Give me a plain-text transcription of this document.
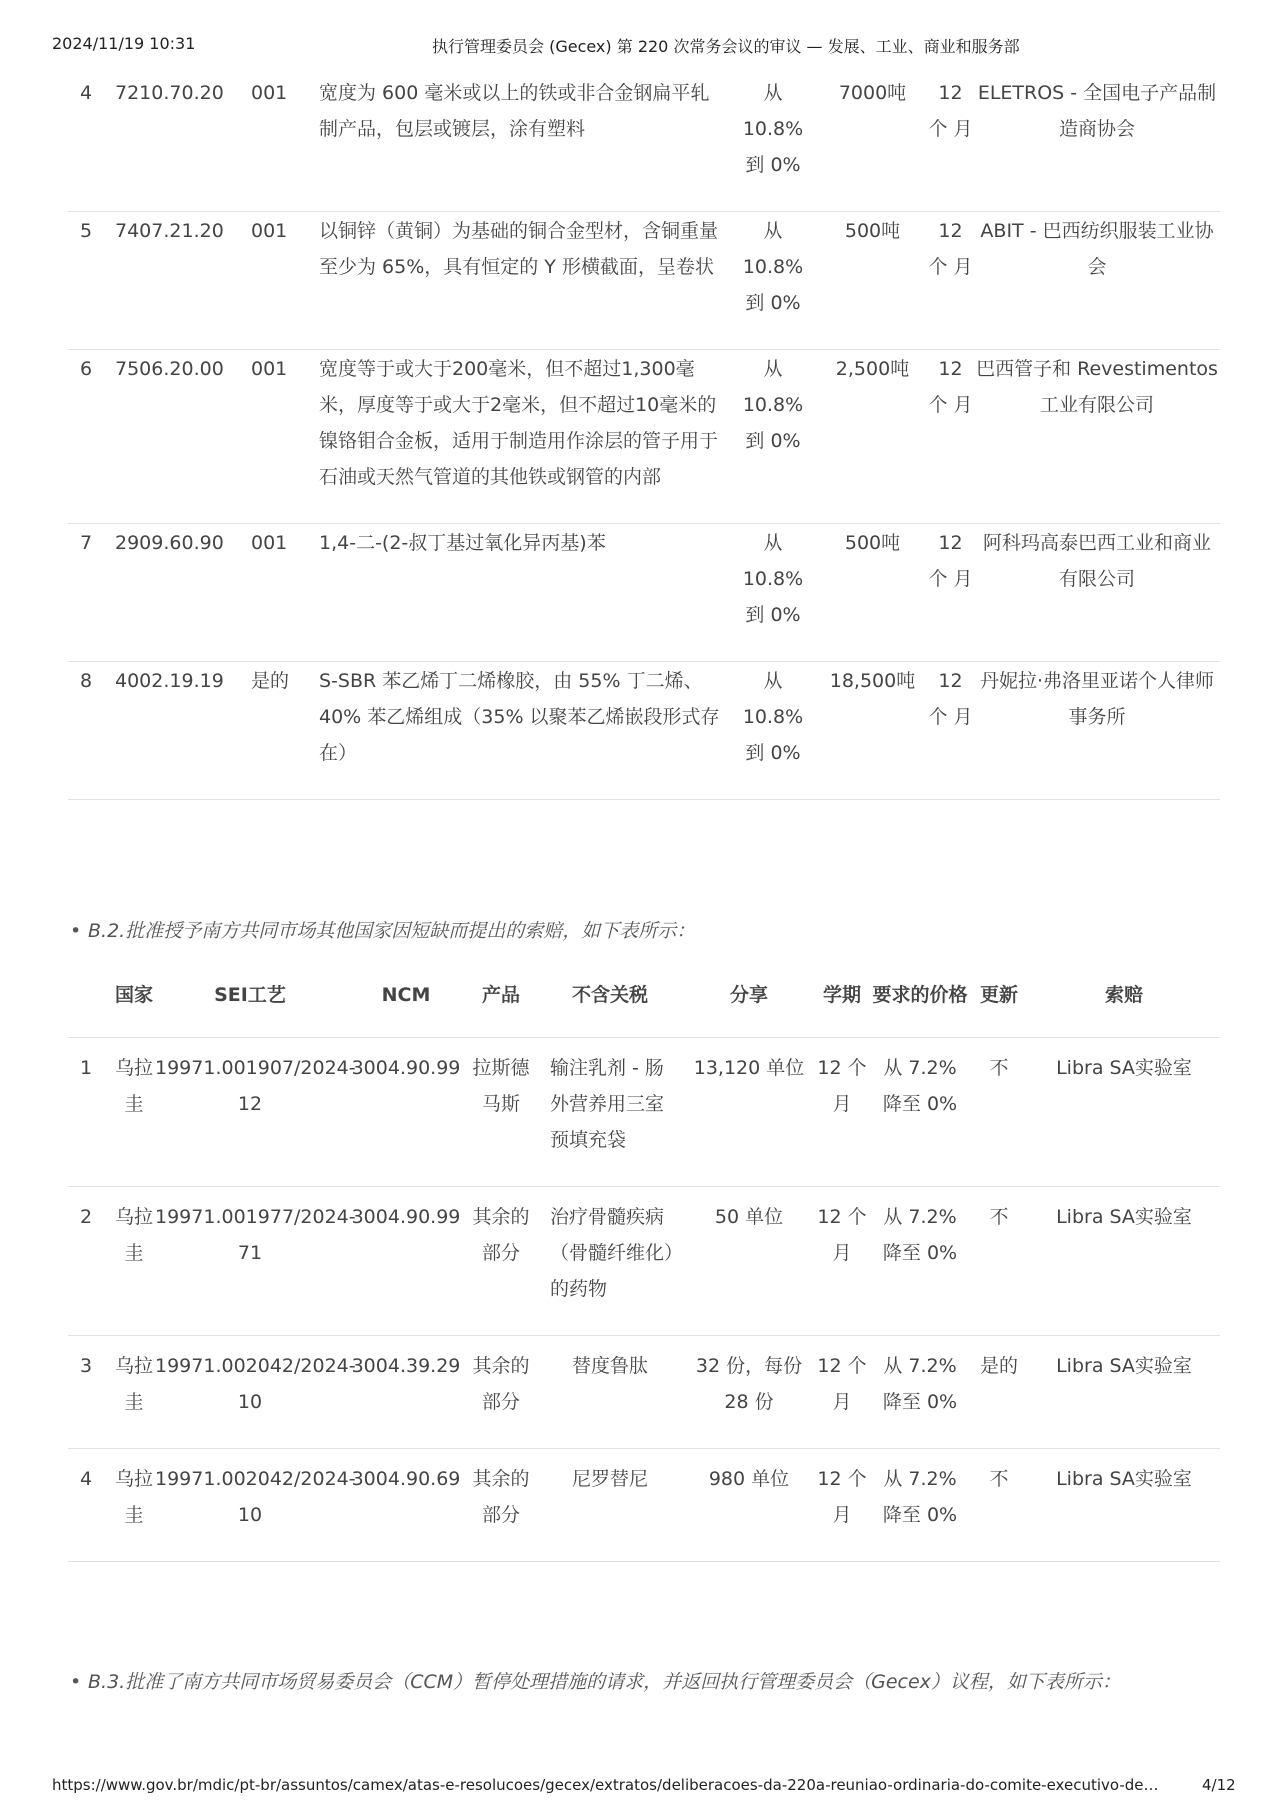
2024/11/19 10:31	执行管理委员会 (Gecex) 第 220 次常务会议的审议 — 发展、工业、商业和服务部
4	7210.70.20	001	宽度为 600 毫米或以上的铁或非合金钢扁平轧制产品，包层或镀层，涂有塑料	从 10.8% 到 0%	7000吨	12 个 月	ELETROS - 全国电子产品制造商协会
5	7407.21.20	001	以铜锌（黄铜）为基础的铜合金型材，含铜重量至少为 65%，具有恒定的 Y 形横截面，呈卷状	从 10.8% 到 0%	500吨	12 个 月	ABIT - 巴西纺织服装工业协会
6	7506.20.00	001	宽度等于或大于200毫米，但不超过1,300毫米，厚度等于或大于2毫米，但不超过10毫米的镍铬钼合金板，适用于制造用作涂层的管子用于石油或天然气管道的其他铁或钢管的内部	从 10.8% 到 0%	2,500吨	12 个 月	巴西管子和 Revestimentos 工业有限公司
7	2909.60.90	001	1,4-二-(2-叔丁基过氧化异丙基)苯	从 10.8% 到 0%	500吨	12 个 月	阿科玛高泰巴西工业和商业有限公司
8	4002.19.19	是的	S-SBR 苯乙烯丁二烯橡胶，由 55% 丁二烯、40% 苯乙烯组成（35% 以聚苯乙烯嵌段形式存在）	从 10.8% 到 0%	18,500吨	12 个 月	丹妮拉·弗洛里亚诺个人律师事务所
• B.2.批准授予南方共同市场其他国家因短缺而提出的索赔，如下表所示：
	国家	SEI工艺	NCM	产品	不含关税	分享	学期	要求的价格	更新	索赔
1	乌拉圭	19971.001907/2024-12	3004.90.99	拉斯德马斯	输注乳剂 - 肠外营养用三室预填充袋	13,120 单位	12 个 月	从 7.2% 降至 0%	不	Libra SA实验室
2	乌拉圭	19971.001977/2024-71	3004.90.99	其余的部分	治疗骨髓疾病（骨髓纤维化）的药物	50 单位	12 个 月	从 7.2% 降至 0%	不	Libra SA实验室
3	乌拉圭	19971.002042/2024-10	3004.39.29	其余的部分	替度鲁肽	32 份，每份 28 份	12 个 月	从 7.2% 降至 0%	是的	Libra SA实验室
4	乌拉圭	19971.002042/2024-10	3004.90.69	其余的部分	尼罗替尼	980 单位	12 个 月	从 7.2% 降至 0%	不	Libra SA实验室
• B.3.批准了南方共同市场贸易委员会（CCM）暂停处理措施的请求，并返回执行管理委员会（Gecex）议程，如下表所示：
https://www.gov.br/mdic/pt-br/assuntos/camex/atas-e-resolucoes/gecex/extratos/deliberacoes-da-220a-reuniao-ordinaria-do-comite-executivo-de…	4/12
